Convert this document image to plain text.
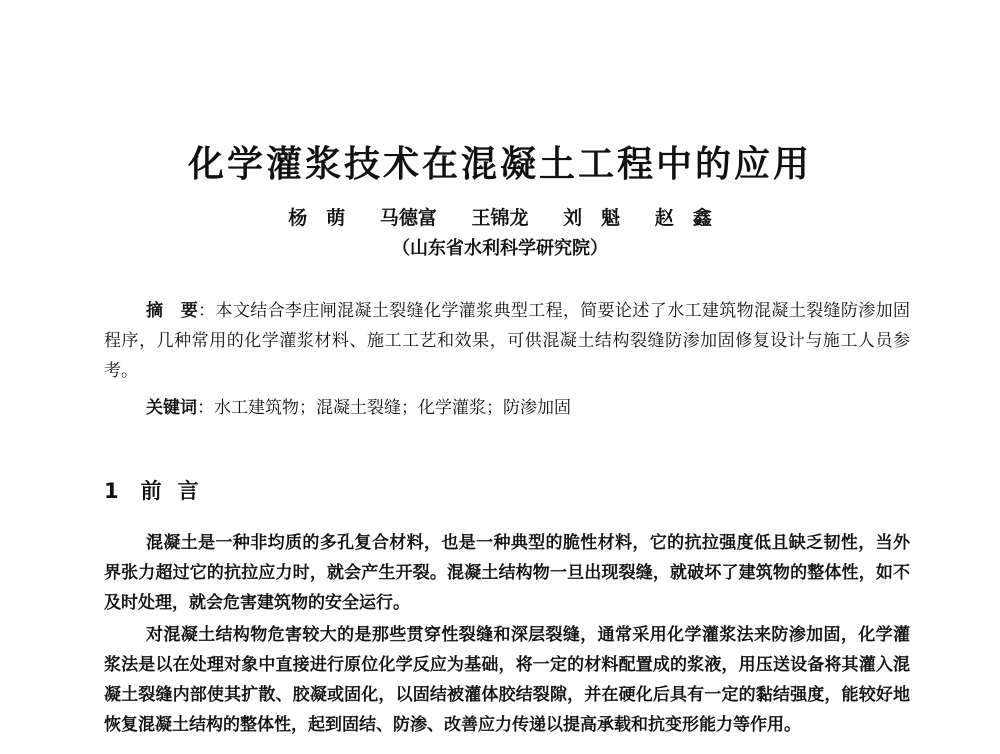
化学灌浆技术在混凝土工程中的应用
杨　萌 马德富 王锦龙 刘　魁 赵　鑫
（山东省水利科学研究院）

摘　要：本文结合李庄闸混凝土裂缝化学灌浆典型工程，简要论述了水工建筑物混凝土裂缝防渗加固程序，几种常用的化学灌浆材料、施工工艺和效果，可供混凝土结构裂缝防渗加固修复设计与施工人员参考。

关键词：水工建筑物；混凝土裂缝；化学灌浆；防渗加固

1 前 言

混凝土是一种非均质的多孔复合材料，也是一种典型的脆性材料，它的抗拉强度低且缺乏韧性，当外界张力超过它的抗拉应力时，就会产生开裂。混凝土结构物一旦出现裂缝，就破坏了建筑物的整体性，如不及时处理，就会危害建筑物的安全运行。

对混凝土结构物危害较大的是那些贯穿性裂缝和深层裂缝，通常采用化学灌浆法来防渗加固，化学灌浆法是以在处理对象中直接进行原位化学反应为基础，将一定的材料配置成的浆液，用压送设备将其灌入混凝土裂缝内部使其扩散、胶凝或固化，以固结被灌体胶结裂隙，并在硬化后具有一定的黏结强度，能较好地恢复混凝土结构的整体性，起到固结、防渗、改善应力传递以提高承载和抗变形能力等作用。
